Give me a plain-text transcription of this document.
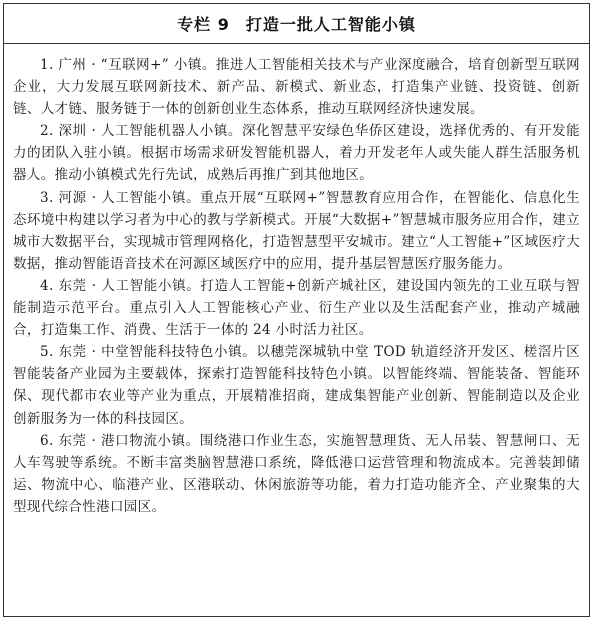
专栏 9 打造一批人工智能小镇

1. 广州 · “互联网+” 小镇。推进人工智能相关技术与产业深度融合，培育创新型互联网企业，大力发展互联网新技术、新产品、新模式、新业态，打造集产业链、投资链、创新链、人才链、服务链于一体的创新创业生态体系，推动互联网经济快速发展。

2. 深圳 · 人工智能机器人小镇。深化智慧平安绿色华侨区建设，选择优秀的、有开发能力的团队入驻小镇。根据市场需求研发智能机器人，着力开发老年人或失能人群生活服务机器人。推动小镇模式先行先试，成熟后再推广到其他地区。

3. 河源 · 人工智能小镇。重点开展“互联网+”智慧教育应用合作，在智能化、信息化生态环境中构建以学习者为中心的教与学新模式。开展“大数据+”智慧城市服务应用合作，建立城市大数据平台，实现城市管理网格化，打造智慧型平安城市。建立“人工智能+”区域医疗大数据，推动智能语音技术在河源区域医疗中的应用，提升基层智慧医疗服务能力。

4. 东莞 · 人工智能小镇。打造人工智能+创新产城社区，建设国内领先的工业互联与智能制造示范平台。重点引入人工智能核心产业、衍生产业以及生活配套产业，推动产城融合，打造集工作、消费、生活于一体的 24 小时活力社区。

5. 东莞 · 中堂智能科技特色小镇。以穗莞深城轨中堂 TOD 轨道经济开发区、槎滘片区智能装备产业园为主要载体，探索打造智能科技特色小镇。以智能终端、智能装备、智能环保、现代都市农业等产业为重点，开展精准招商，建成集智能产业创新、智能制造以及企业创新服务为一体的科技园区。

6. 东莞 · 港口物流小镇。围绕港口作业生态，实施智慧理货、无人吊装、智慧闸口、无人车驾驶等系统。不断丰富类脑智慧港口系统，降低港口运营管理和物流成本。完善装卸储运、物流中心、临港产业、区港联动、休闲旅游等功能，着力打造功能齐全、产业聚集的大型现代综合性港口园区。
